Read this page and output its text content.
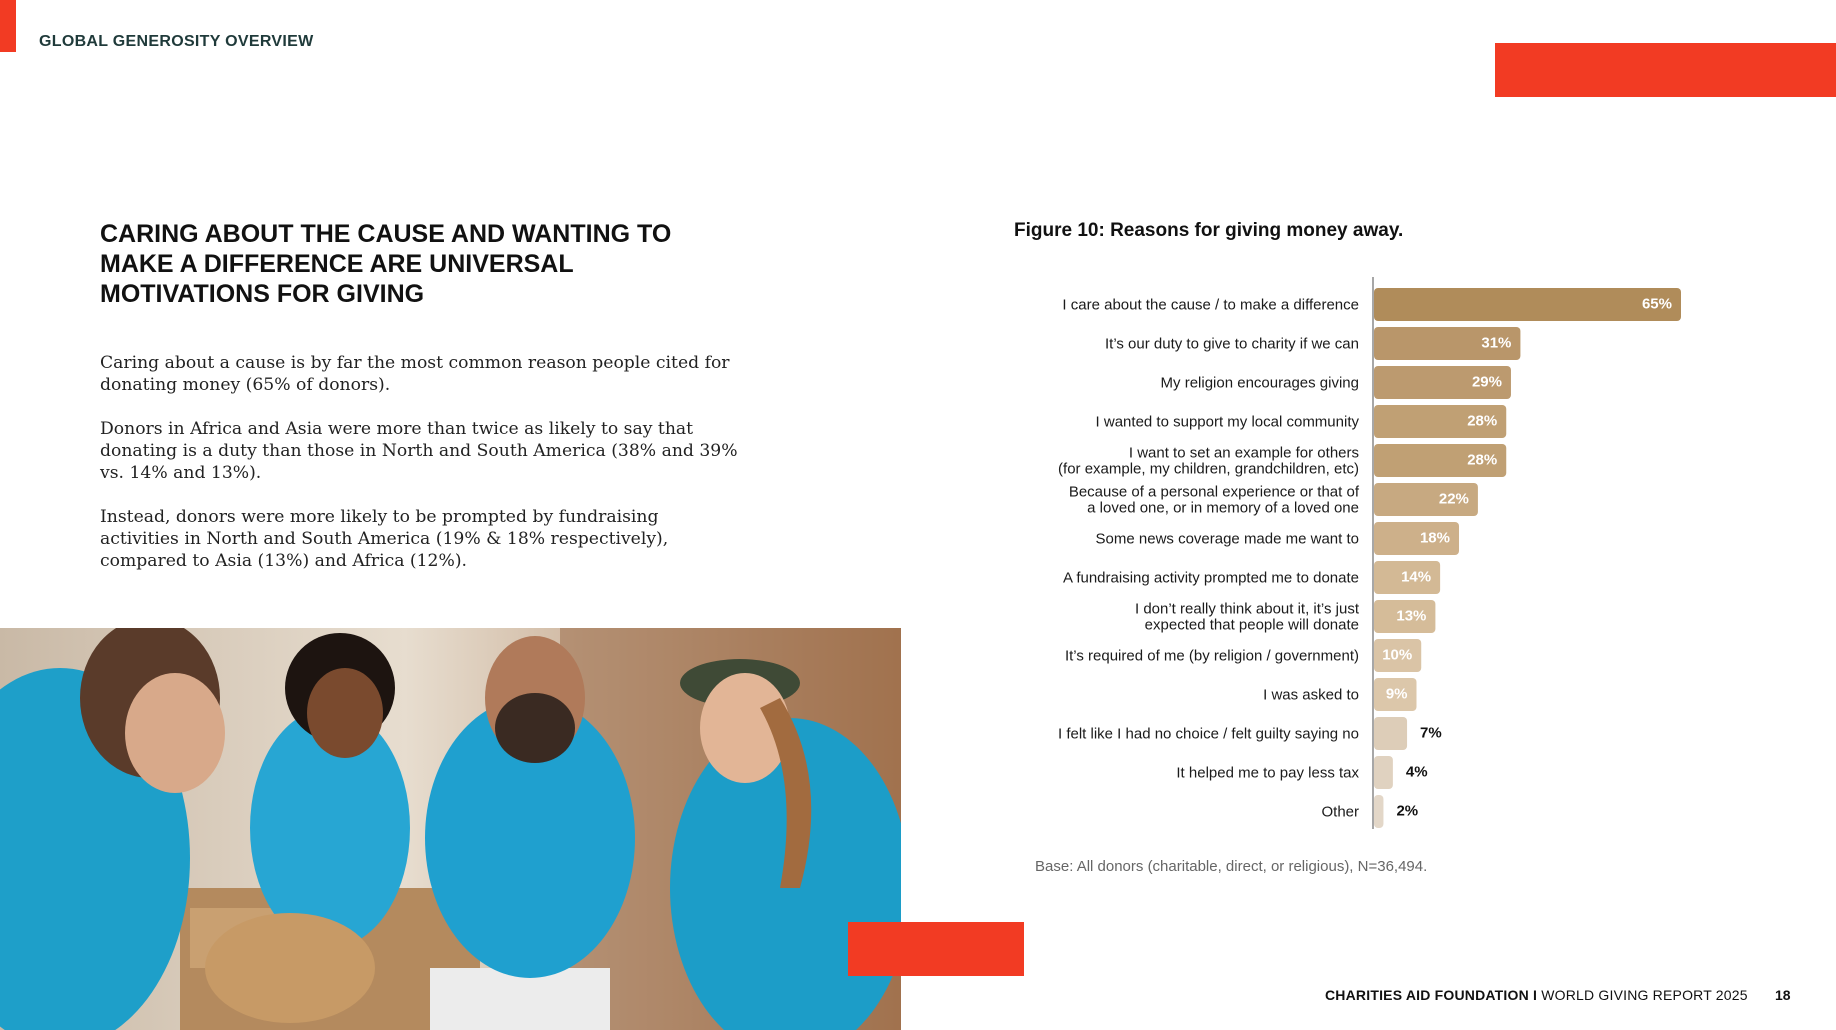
GLOBAL GENEROSITY OVERVIEW
CARING ABOUT THE CAUSE AND WANTING TO MAKE A DIFFERENCE ARE UNIVERSAL MOTIVATIONS FOR GIVING

Caring about a cause is by far the most common reason people cited for donating money (65% of donors).

Donors in Africa and Asia were more than twice as likely to say that donating is a duty than those in North and South America (38% and 39% vs. 14% and 13%).

Instead, donors were more likely to be prompted by fundraising activities in North and South America (19% & 18% respectively), compared to Asia (13%) and Africa (12%).

Figure 10: Reasons for giving money away.
65%
I care about the cause / to make a difference
31%
It’s our duty to give to charity if we can
29%
My religion encourages giving
28%
I wanted to support my local community
28%
I want to set an example for others (for example, my children, grandchildren, etc)
22%
Because of a personal experience or that of a loved one, or in memory of a loved one
18%
Some news coverage made me want to
14%
A fundraising activity prompted me to donate
13%
I don’t really think about it, it’s just expected that people will donate
10%
It’s required of me (by religion / government)
9%
I was asked to
7%
I felt like I had no choice / felt guilty saying no
4%
It helped me to pay less tax
2%
Other
Base: All donors (charitable, direct, or religious), N=36,494.
CHARITIES AID FOUNDATION I WORLD GIVING REPORT 2025 18
